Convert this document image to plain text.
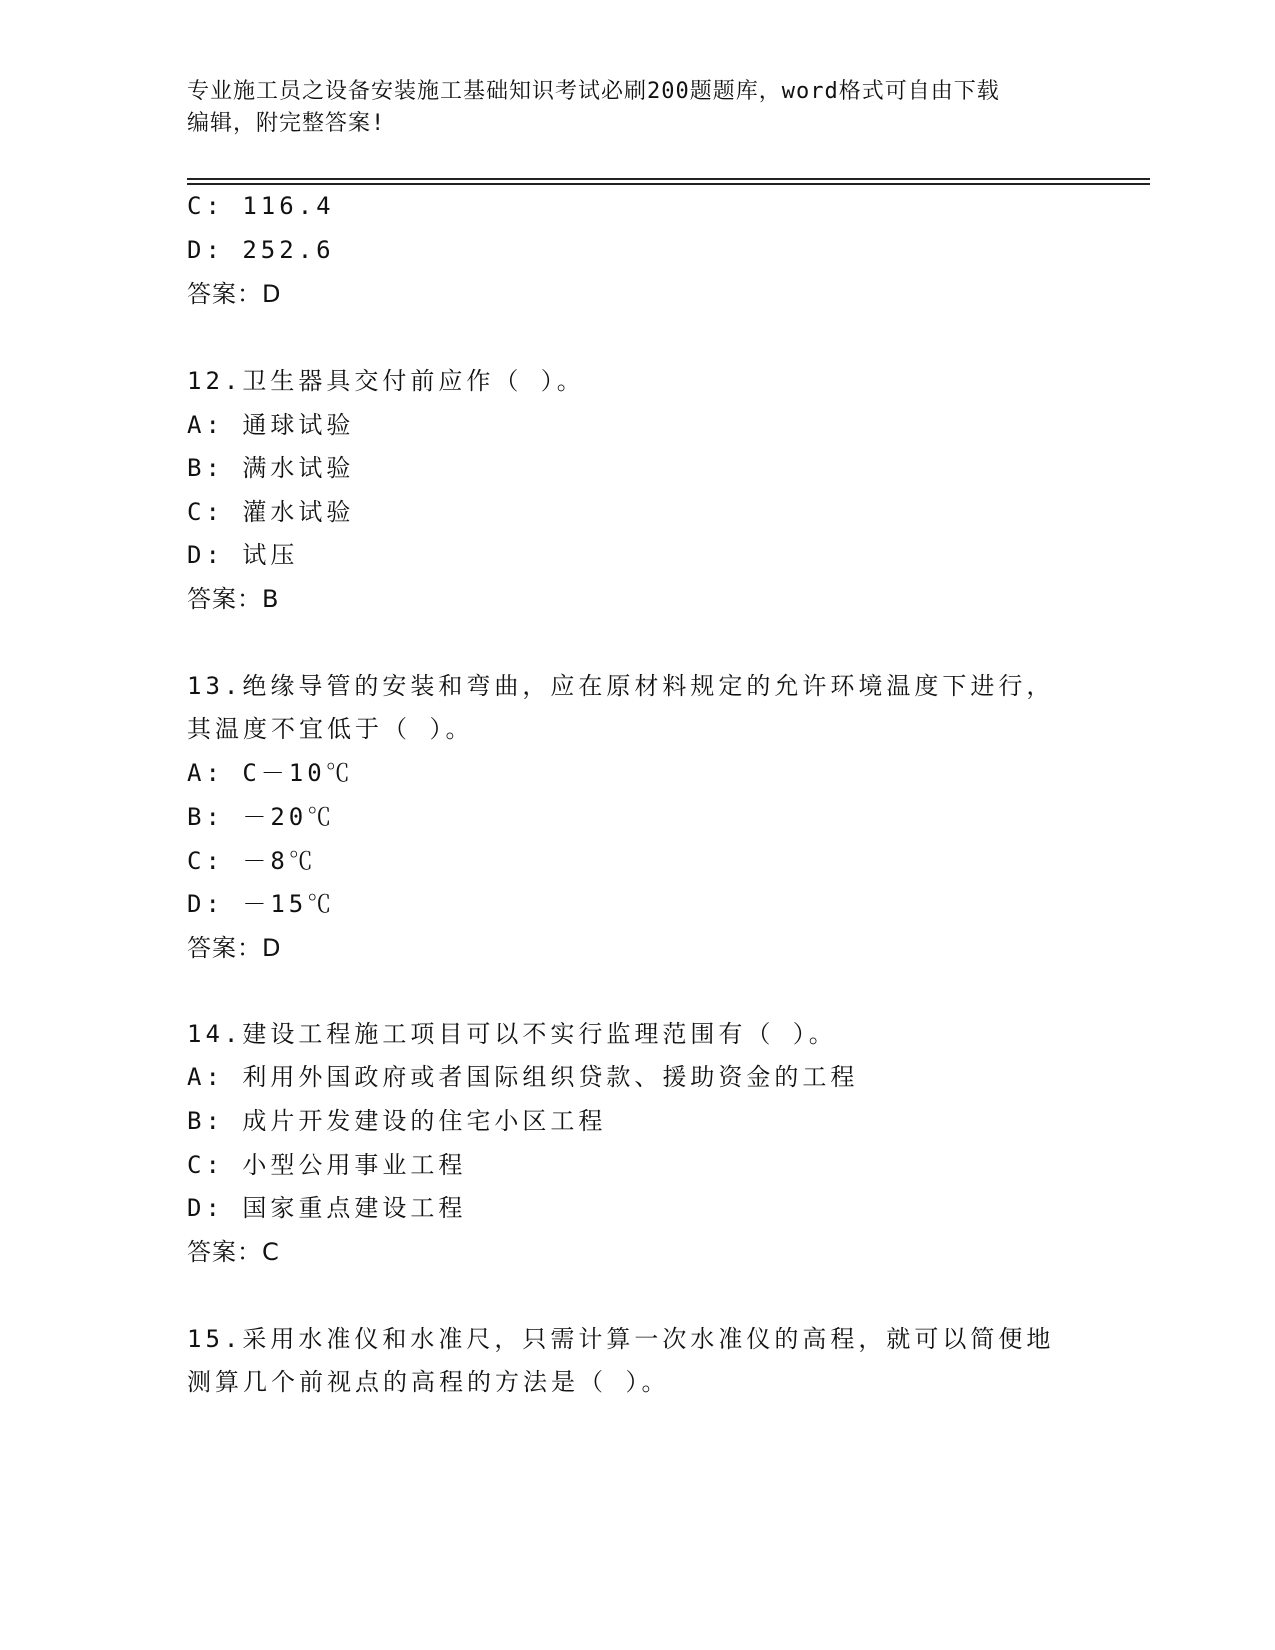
专业施工员之设备安装施工基础知识考试必刷200题题库，word格式可自由下载
编辑，附完整答案!
C: 116.4
D: 252.6
答案：D
12.卫生器具交付前应作（ ）。
A: 通球试验
B: 满水试验
C: 灌水试验
D: 试压
答案：B
13.绝缘导管的安装和弯曲，应在原材料规定的允许环境温度下进行，
其温度不宜低于（ ）。
A: C－10℃
B: －20℃
C: －8℃
D: －15℃
答案：D
14.建设工程施工项目可以不实行监理范围有（ ）。
A: 利用外国政府或者国际组织贷款、援助资金的工程
B: 成片开发建设的住宅小区工程
C: 小型公用事业工程
D: 国家重点建设工程
答案：C
15.采用水准仪和水准尺，只需计算一次水准仪的高程，就可以简便地
测算几个前视点的高程的方法是（ ）。
